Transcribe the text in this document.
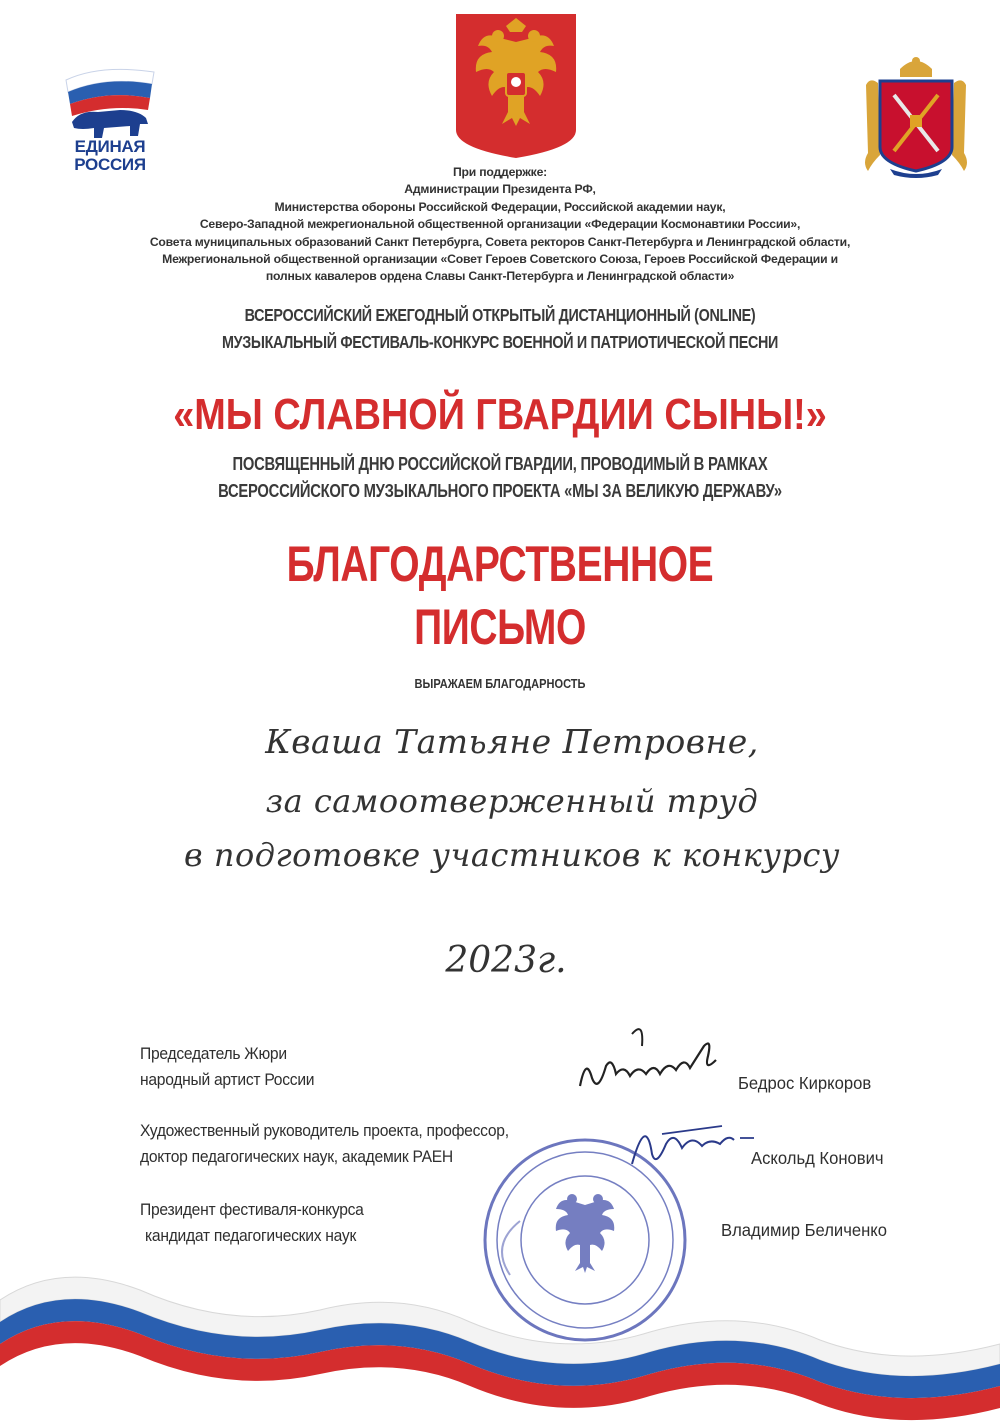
ЕДИНАЯ
РОССИЯ	При поддержке:
Администрации Президента РФ,
Министерства обороны Российской Федерации, Российской академии наук,
Северо-Западной межрегиональной общественной организации «Федерации Космонавтики России»,
Совета муниципальных образований Санкт Петербурга, Совета ректоров Санкт-Петербурга и Ленинградской области,
Межрегиональной общественной организации «Совет Героев Советского Союза, Героев Российской Федерации и
полных кавалеров ордена Славы Санкт-Петербурга и Ленинградской области»
ВСЕРОССИЙСКИЙ ЕЖЕГОДНЫЙ ОТКРЫТЫЙ ДИСТАНЦИОННЫЙ (ONLINE)
МУЗЫКАЛЬНЫЙ ФЕСТИВАЛЬ-КОНКУРС ВОЕННОЙ И ПАТРИОТИЧЕСКОЙ ПЕСНИ
«МЫ СЛАВНОЙ ГВАРДИИ СЫНЫ!»
ПОСВЯЩЕННЫЙ ДНЮ РОССИЙСКОЙ ГВАРДИИ, ПРОВОДИМЫЙ В РАМКАХ
ВСЕРОССИЙСКОГО МУЗЫКАЛЬНОГО ПРОЕКТА «МЫ ЗА ВЕЛИКУЮ ДЕРЖАВУ»
БЛАГОДАРСТВЕННОЕ
ПИСЬМО
ВЫРАЖАЕМ БЛАГОДАРНОСТЬ
Кваша Татьяне Петровне,
за самоотверженный труд
в подготовке участников к конкурсу
2023г.
Председатель Жюри
народный артист России	Бедрос Киркоров
Художественный руководитель проекта, профессор,
доктор педагогических наук, академик РАЕН	Аскольд Конович
Президент фестиваля-конкурса
кандидат педагогических наук	Владимир Беличенко
